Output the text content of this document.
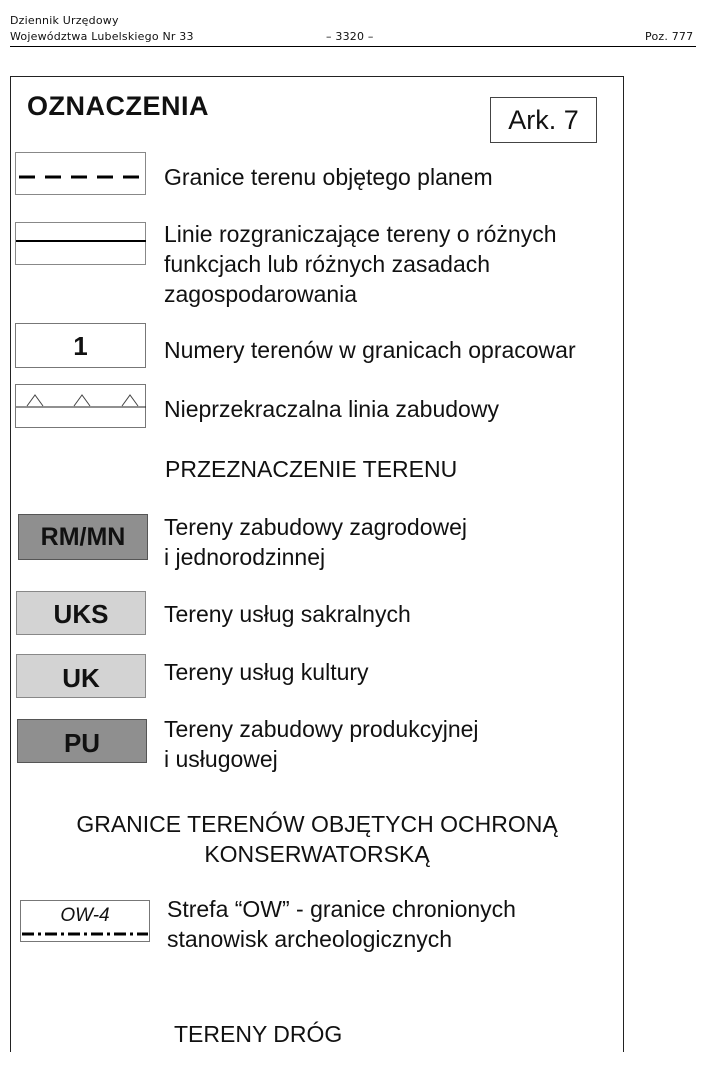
Dziennik Urzędowy
Województwa Lubelskiego Nr 33	– 3320 –	Poz. 777
OZNACZENIA	Ark. 7
Granice terenu objętego planem
Linie rozgraniczające tereny o różnych
funkcjach lub różnych zasadach
zagospodarowania
1	Numery terenów w granicach opracowar
Nieprzekraczalna linia zabudowy
PRZEZNACZENIE TERENU
RM/MN	Tereny zabudowy zagrodowej
i jednorodzinnej
UKS	Tereny usług sakralnych
UK	Tereny usług kultury
PU	Tereny zabudowy produkcyjnej
i usługowej
GRANICE TERENÓW OBJĘTYCH OCHRONĄ
KONSERWATORSKĄ
OW-4	Strefa “OW” - granice chronionych
stanowisk archeologicznych
TERENY DRÓG
